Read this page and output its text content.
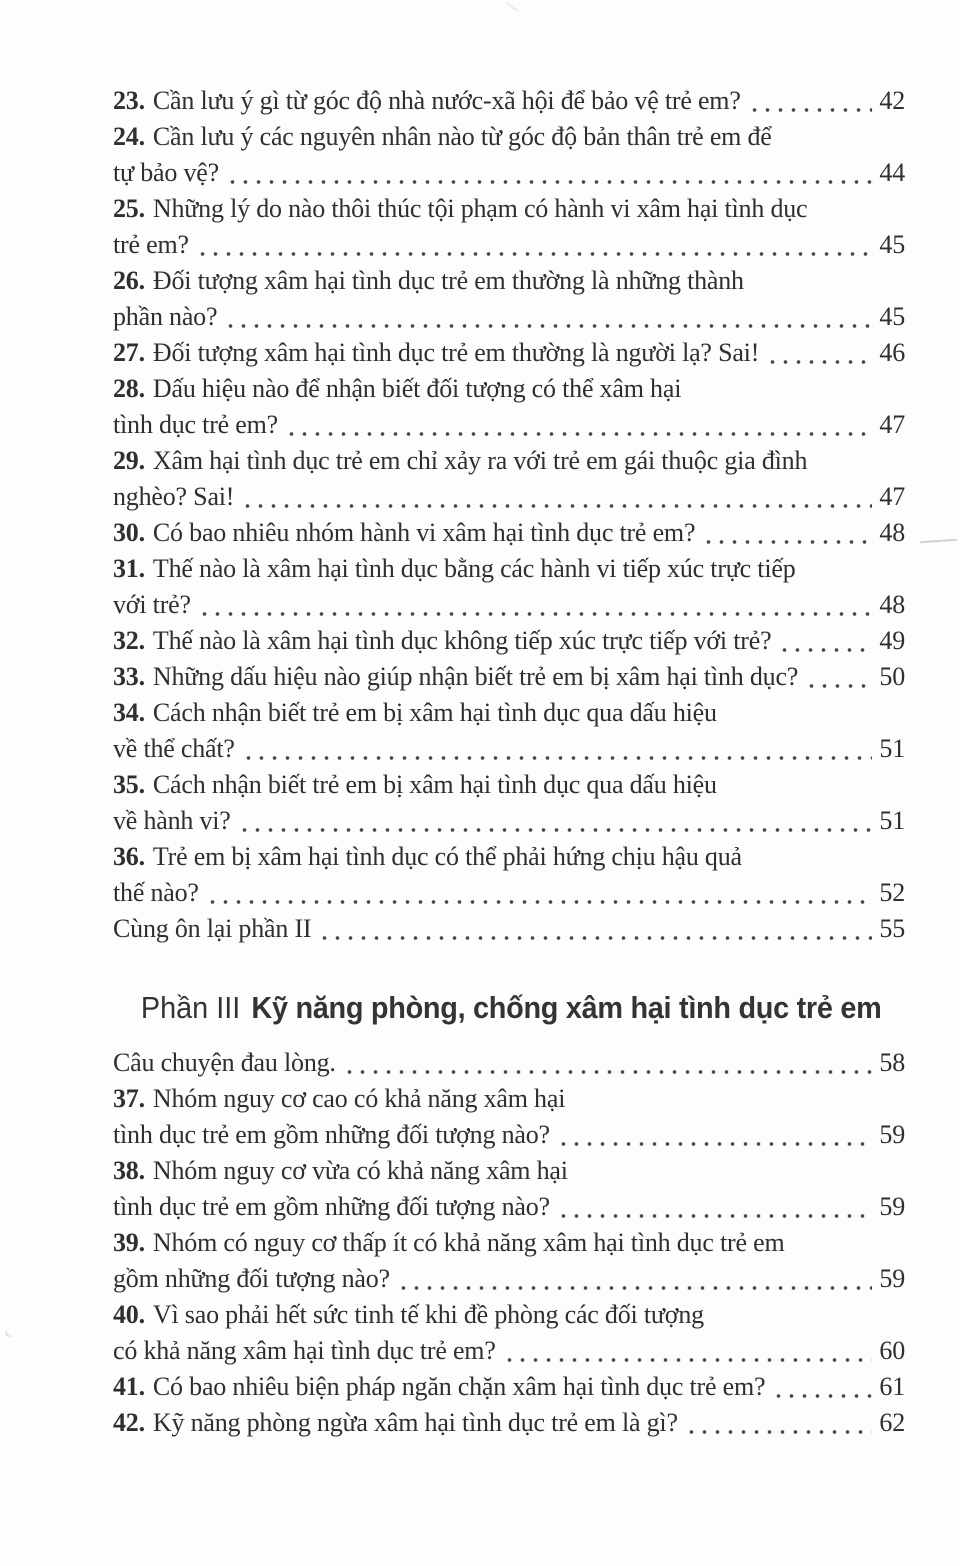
23. Cần lưu ý gì từ góc độ nhà nước-xã hội để bảo vệ trẻ em?	42
24. Cần lưu ý các nguyên nhân nào từ góc độ bản thân trẻ em để
tự bảo vệ?	44
25. Những lý do nào thôi thúc tội phạm có hành vi xâm hại tình dục
trẻ em?	45
26. Đối tượng xâm hại tình dục trẻ em thường là những thành
phần nào?	45
27. Đối tượng xâm hại tình dục trẻ em thường là người lạ? Sai!	46
28. Dấu hiệu nào để nhận biết đối tượng có thể xâm hại
tình dục trẻ em?	47
29. Xâm hại tình dục trẻ em chỉ xảy ra với trẻ em gái thuộc gia đình
nghèo? Sai!	47
30. Có bao nhiêu nhóm hành vi xâm hại tình dục trẻ em?	48
31. Thế nào là xâm hại tình dục bằng các hành vi tiếp xúc trực tiếp
với trẻ?	48
32. Thế nào là xâm hại tình dục không tiếp xúc trực tiếp với trẻ?	49
33. Những dấu hiệu nào giúp nhận biết trẻ em bị xâm hại tình dục?	50
34. Cách nhận biết trẻ em bị xâm hại tình dục qua dấu hiệu
về thể chất?	51
35. Cách nhận biết trẻ em bị xâm hại tình dục qua dấu hiệu
về hành vi?	51
36. Trẻ em bị xâm hại tình dục có thể phải hứng chịu hậu quả
thế nào?	52
Cùng ôn lại phần II	55
Phần III Kỹ năng phòng, chống xâm hại tình dục trẻ em
Câu chuyện đau lòng.	58
37. Nhóm nguy cơ cao có khả năng xâm hại
tình dục trẻ em gồm những đối tượng nào?	59
38. Nhóm nguy cơ vừa có khả năng xâm hại
tình dục trẻ em gồm những đối tượng nào?	59
39. Nhóm có nguy cơ thấp ít có khả năng xâm hại tình dục trẻ em
gồm những đối tượng nào?	59
40. Vì sao phải hết sức tinh tế khi đề phòng các đối tượng
có khả năng xâm hại tình dục trẻ em?	60
41. Có bao nhiêu biện pháp ngăn chặn xâm hại tình dục trẻ em?	61
42. Kỹ năng phòng ngừa xâm hại tình dục trẻ em là gì?	62
